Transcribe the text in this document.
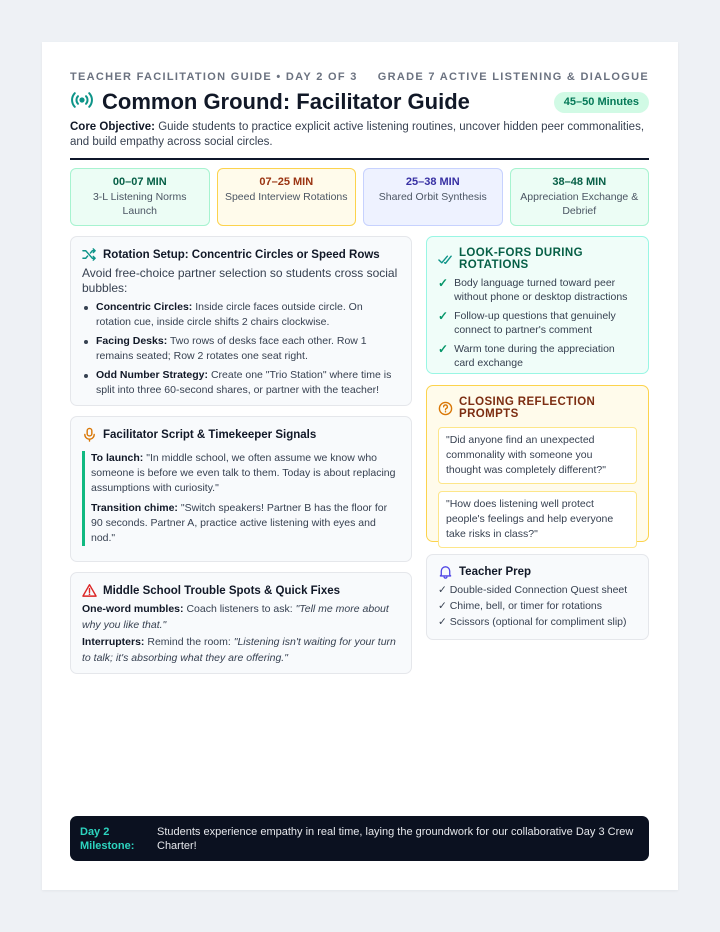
TEACHER FACILITATION GUIDE • DAY 2 OF 3 GRADE 7 ACTIVE LISTENING & DIALOGUE
Common Ground: Facilitator Guide	45–50 Minutes

Core Objective: Guide students to practice explicit active listening routines, uncover hidden peer commonalities, and build empathy across social circles.

00–07 MIN
3-L Listening Norms Launch
07–25 MIN
Speed Interview Rotations
25–38 MIN
Shared Orbit Synthesis
38–48 MIN
Appreciation Exchange & Debrief
Rotation Setup: Concentric Circles or Speed Rows

Avoid free-choice partner selection so students cross social bubbles:

Concentric Circles: Inside circle faces outside circle. On rotation cue, inside circle shifts 2 chairs clockwise.
Facing Desks: Two rows of desks face each other. Row 1 remains seated; Row 2 rotates one seat right.
Odd Number Strategy: Create one "Trio Station" where time is split into three 60-second shares, or partner with the teacher!
Facilitator Script & Timekeeper Signals

To launch: "In middle school, we often assume we know who someone is before we even talk to them. Today is about replacing assumptions with curiosity."

Transition chime: "Switch speakers! Partner B has the floor for 90 seconds. Partner A, practice active listening with eyes and nod."

Middle School Trouble Spots & Quick Fixes

One-word mumbles: Coach listeners to ask: "Tell me more about why you like that."

Interrupters: Remind the room: "Listening isn't waiting for your turn to talk; it's absorbing what they are offering."

LOOK-FORS DURING ROTATIONS
✓ Body language turned toward peer without phone or desktop distractions
✓ Follow-up questions that genuinely connect to partner's comment
✓ Warm tone during the appreciation card exchange
CLOSING REFLECTION PROMPTS
"Did anyone find an unexpected commonality with someone you thought was completely different?"
"How does listening well protect people's feelings and help everyone take risks in class?"
Teacher Prep
✓ Double-sided Connection Quest sheet
✓ Chime, bell, or timer for rotations
✓ Scissors (optional for compliment slip)
Day 2 Milestone:
Students experience empathy in real time, laying the groundwork for our collaborative Day 3 Crew Charter!
